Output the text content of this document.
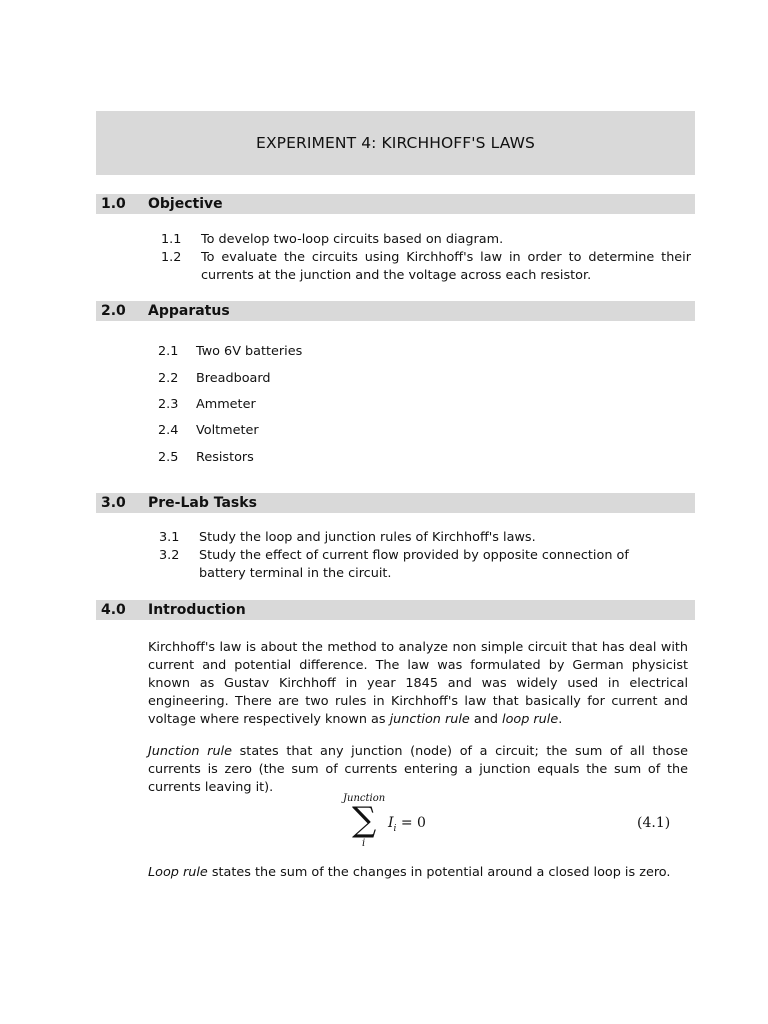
EXPERIMENT 4: KIRCHHOFF'S LAWS
1.0 Objective
1.1 To develop two-loop circuits based on diagram.
1.2 To evaluate the circuits using Kirchhoff's law in order to determine their currents at the junction and the voltage across each resistor.
2.0 Apparatus
2.1 Two 6V batteries
2.2 Breadboard
2.3 Ammeter
2.4 Voltmeter
2.5 Resistors
3.0 Pre-Lab Tasks
3.1 Study the loop and junction rules of Kirchhoff's laws.
3.2 Study the effect of current flow provided by opposite connection of battery terminal in the circuit.
4.0 Introduction

Kirchhoff's law is about the method to analyze non simple circuit that has deal with current and potential difference. The law was formulated by German physicist known as Gustav Kirchhoff in year 1845 and was widely used in electrical engineering. There are two rules in Kirchhoff's law that basically for current and voltage where respectively known as junction rule and loop rule.

Junction rule states that any junction (node) of a circuit; the sum of all those currents is zero (the sum of currents entering a junction equals the sum of the currents leaving it).

Junction
∑
i
$I_i = 0$	(4.1)

Loop rule states the sum of the changes in potential around a closed loop is zero.
